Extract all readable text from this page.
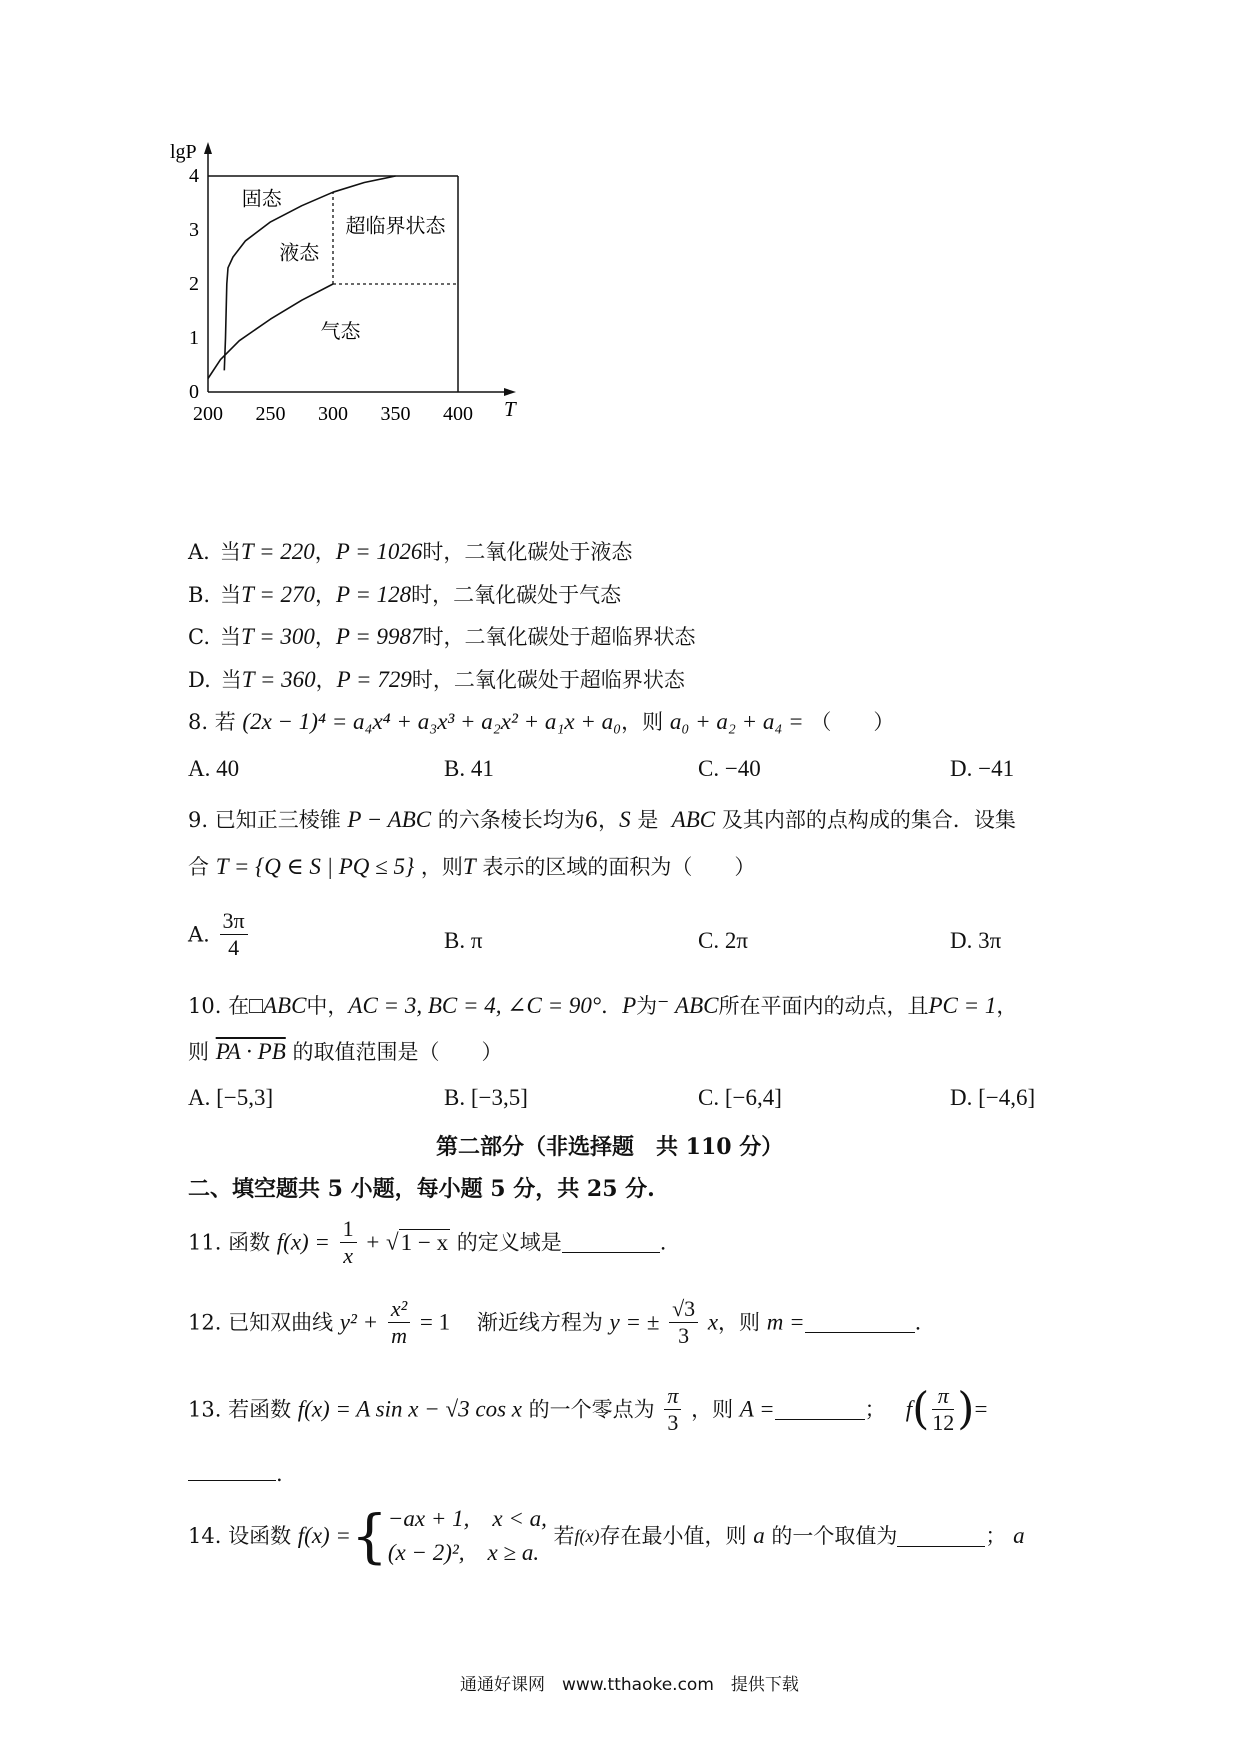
200 250 300 350 400
0
1
2
3
4
T
lgP
固态
液态
超临界状态
气态
A. 当T = 220，P = 1026时，二氧化碳处于液态
B. 当T = 270，P = 128时，二氧化碳处于气态
C. 当T = 300，P = 9987时，二氧化碳处于超临界状态
D. 当T = 360，P = 729时，二氧化碳处于超临界状态
8. 若 (2x − 1)⁴ = a₄x⁴ + a₃x³ + a₂x² + a₁x + a₀，则 a₀ + a₂ + a₄ = （　　）
A. 40	B. 41	C. −40	D. −41
9. 已知正三棱锥 P − ABC 的六条棱长均为6，S 是 ABC 及其内部的点构成的集合．设集
合 T = {Q ∈ S | PQ ≤ 5} ，则T 表示的区域的面积为（　　）
A. $\frac{3\pi}{4}$	B. π	C. 2π	D. 3π
10. 在□ABC中，AC = 3, BC = 4, ∠C = 90°．P为⁻ ABC所在平面内的动点，且PC = 1，
则 PA · PB 的取值范围是（　　）
A. [−5,3]	B. [−3,5]	C. [−6,4]	D. [−4,6]
第二部分（非选择题　共 110 分）
二、填空题共 5 小题，每小题 5 分，共 25 分.
11. 函数 $f(x) = \frac{1}{x} + √1 - x$ 的定义域是	.
12. 已知双曲线 $y^2 + \frac{\text{x²}}{m} = 1$ 渐近线方程为 y = ± $\frac{√3}{3}$ x，则 m =	.
13. 若函数 f(x) = A sin x − √3 cos x 的一个零点为 $\frac{\pi}{3}$ ，则 A =	； $f( \frac{\pi}{12}$ )=
.
14. 设函数 f(x) ={ −ax + 1,　x < a,
(x − 2)²,　x ≥ a.
若f(x)存在最小值，则 a 的一个取值为	； a
通通好课网　www.tthaoke.com　提供下载
